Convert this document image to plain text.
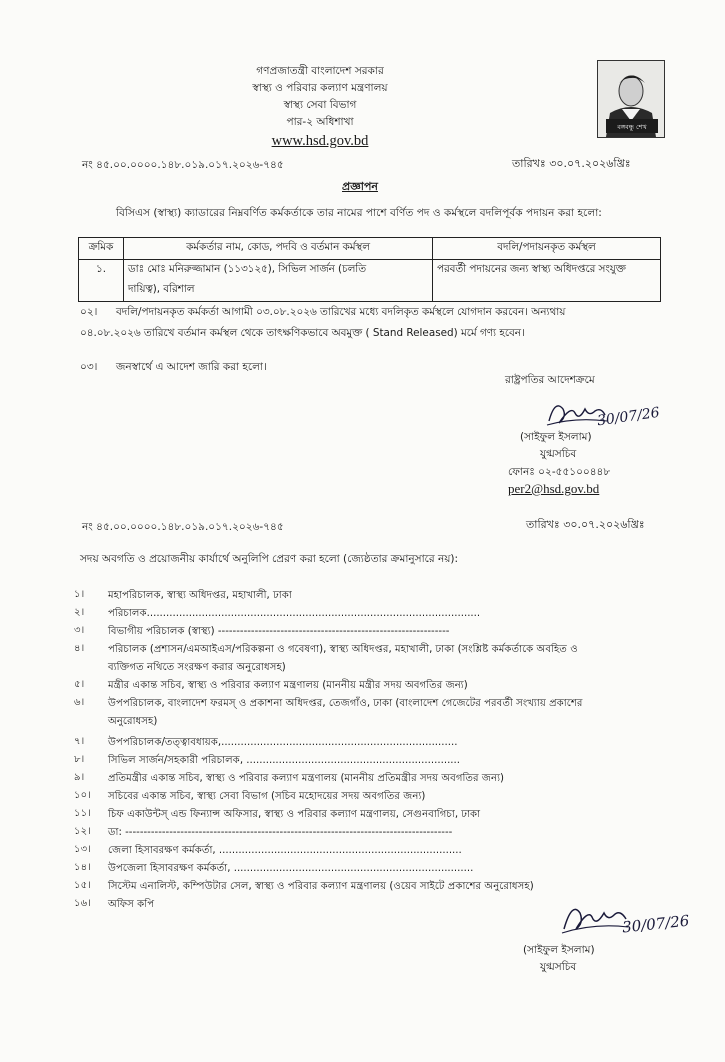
গণপ্রজাতন্ত্রী বাংলাদেশ সরকার
স্বাস্থ্য ও পরিবার কল্যাণ মন্ত্রণালয়
স্বাস্থ্য সেবা বিভাগ
পার-২ অধিশাখা
www.hsd.gov.bd
বঙ্গবন্ধু শেখ
নং ৪৫.০০.০০০০.১৪৮.০১৯.০১৭.২০২৬-৭৪৫	তারিখঃ ৩০.০৭.২০২৬খ্রিঃ
প্রজ্ঞাপন
বিসিএস (স্বাস্থ্য) ক্যাডারের নিম্নবর্ণিত কর্মকর্তাকে তার নামের পাশে বর্ণিত পদ ও কর্মস্থলে বদলিপূর্বক পদায়ন করা হলো:
ক্রমিক	কর্মকর্তার নাম, কোড, পদবি ও বর্তমান কর্মস্থল	বদলি/পদায়নকৃত কর্মস্থল
১.	ডাঃ মোঃ মনিরুজ্জামান (১১৩১২৫), সিভিল সার্জন (চলতি
দায়িত্ব), বরিশাল	পরবর্তী পদায়নের জন্য স্বাস্থ্য অধিদপ্তরে সংযুক্ত
০২। বদলি/পদায়নকৃত কর্মকর্তা আগামী ০৩.০৮.২০২৬ তারিখের মধ্যে বদলিকৃত কর্মস্থলে যোগদান করবেন। অন্যথায়
০৪.০৮.২০২৬ তারিখে বর্তমান কর্মস্থল থেকে তাৎক্ষণিকভাবে অবমুক্ত ( Stand Released) মর্মে গণ্য হবেন।
০৩। জনস্বার্থে এ আদেশ জারি করা হলো।
রাষ্ট্রপতির আদেশক্রমে
30/07/26
(সাইফুল ইসলাম)
যুগ্মসচিব
ফোনঃ ০২-৫৫১০০৪৪৮
per2@hsd.gov.bd
নং ৪৫.০০.০০০০.১৪৮.০১৯.০১৭.২০২৬-৭৪৫	তারিখঃ ৩০.০৭.২০২৬খ্রিঃ
সদয় অবগতি ও প্রয়োজনীয় কার্যার্থে অনুলিপি প্রেরণ করা হলো (জ্যেষ্ঠতার ক্রমানুসারে নয়):
১।	মহাপরিচালক, স্বাস্থ্য অধিদপ্তর, মহাখালী, ঢাকা
২।	পরিচালক.......................................................................................................
৩।	বিভাগীয় পরিচালক (স্বাস্থ্য) ---------------------------------------------------------------
৪।	পরিচালক (প্রশাসন/এমআইএস/পরিকল্পনা ও গবেষণা), স্বাস্থ্য অধিদপ্তর, মহাখালী, ঢাকা (সংশ্লিষ্ট কর্মকর্তাকে অবহিত ও
ব্যক্তিগত নথিতে সংরক্ষণ করার অনুরোধসহ)
৫।	মন্ত্রীর একান্ত সচিব, স্বাস্থ্য ও পরিবার কল্যাণ মন্ত্রণালয় (মাননীয় মন্ত্রীর সদয় অবগতির জন্য)
৬।	উপপরিচালক, বাংলাদেশ ফরমস্ ও প্রকাশনা অধিদপ্তর, তেজগাঁও, ঢাকা (বাংলাদেশ গেজেটের পরবর্তী সংখ্যায় প্রকাশের
অনুরোধসহ)
৭।	উপপরিচালক/তত্ত্বাবধায়ক,.........................................................................
৮।	সিভিল সার্জন/সহকারী পরিচালক, ..................................................................
৯।	প্রতিমন্ত্রীর একান্ত সচিব, স্বাস্থ্য ও পরিবার কল্যাণ মন্ত্রণালয় (মাননীয় প্রতিমন্ত্রীর সদয় অবগতির জন্য)
১০।	সচিবের একান্ত সচিব, স্বাস্থ্য সেবা বিভাগ (সচিব মহোদয়ের সদয় অবগতির জন্য)
১১।	চিফ একাউন্টস্ এন্ড ফিন্যান্স অফিসার, স্বাস্থ্য ও পরিবার কল্যাণ মন্ত্রণালয়, সেগুনবাগিচা, ঢাকা
১২।	ডা: -----------------------------------------------------------------------------------------
১৩।	জেলা হিসাবরক্ষণ কর্মকর্তা, ...........................................................................
১৪।	উপজেলা হিসাবরক্ষণ কর্মকর্তা, ..........................................................................
১৫।	সিস্টেম এনালিস্ট, কম্পিউটার সেল, স্বাস্থ্য ও পরিবার কল্যাণ মন্ত্রণালয় (ওয়েব সাইটে প্রকাশের অনুরোধসহ)
১৬।	অফিস কপি
30/07/26
(সাইফুল ইসলাম)
যুগ্মসচিব
